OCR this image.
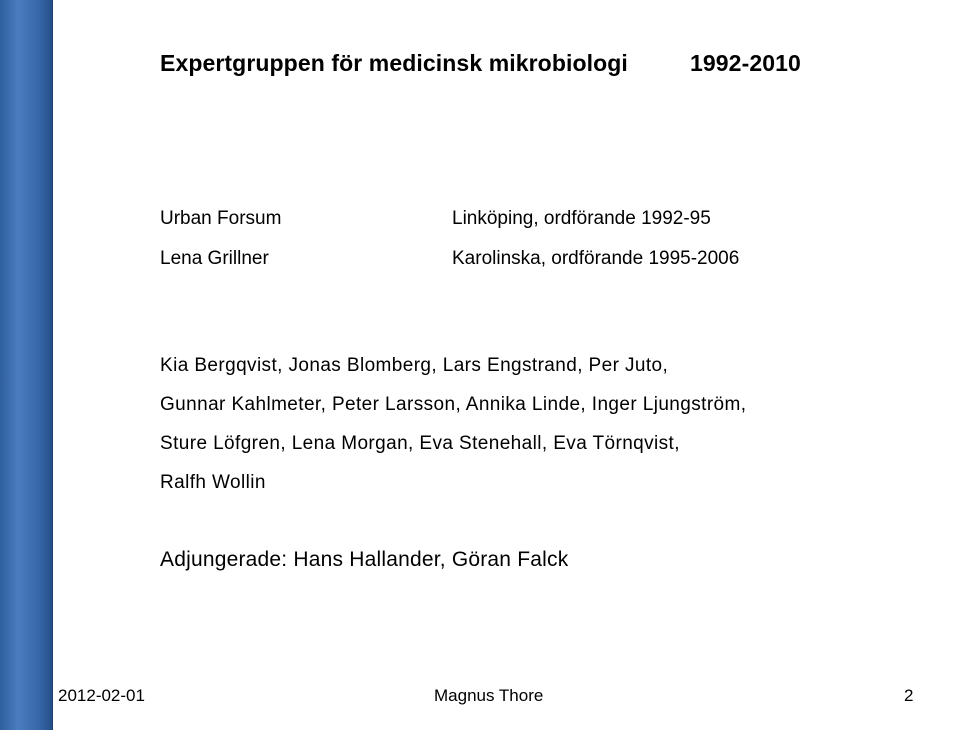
Expertgruppen för medicinsk mikrobiologi	1992-2010
Urban Forsum	Linköping, ordförande 1992-95
Lena Grillner	Karolinska, ordförande 1995-2006
Kia Bergqvist, Jonas Blomberg, Lars Engstrand, Per Juto,
Gunnar Kahlmeter, Peter Larsson, Annika Linde, Inger Ljungström,
Sture Löfgren, Lena Morgan, Eva Stenehall, Eva Törnqvist,
Ralfh Wollin
Adjungerade: Hans Hallander, Göran Falck
2012-02-01	Magnus Thore	2
